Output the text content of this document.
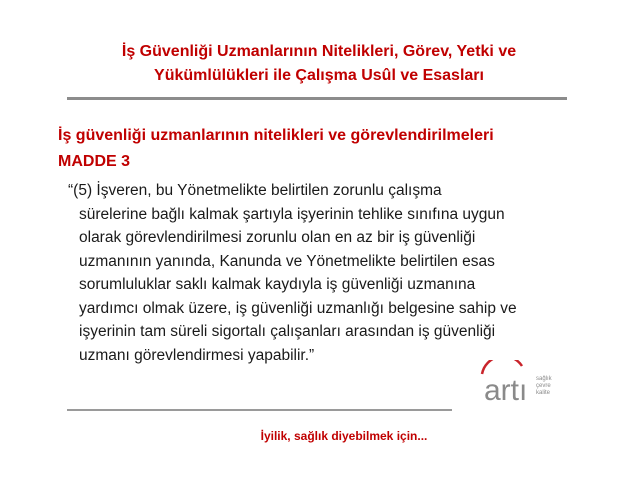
İş Güvenliği Uzmanlarının Nitelikleri, Görev, Yetki ve
Yükümlülükleri ile Çalışma Usûl ve Esasları
İş güvenliği uzmanlarının nitelikleri ve görevlendirilmeleri
MADDE 3
“(5) İşveren, bu Yönetmelikte belirtilen zorunlu çalışma
sürelerine bağlı kalmak şartıyla işyerinin tehlike sınıfına uygun
olarak görevlendirilmesi zorunlu olan en az bir iş güvenliği
uzmanının yanında, Kanunda ve Yönetmelikte belirtilen esas
sorumluluklar saklı kalmak kaydıyla iş güvenliği uzmanına
yardımcı olmak üzere, iş güvenliği uzmanlığı belgesine sahip ve
işyerinin tam süreli sigortalı çalışanları arasından iş güvenliği
uzmanı görevlendirmesi yapabilir.”
artı sağlık
çevre
kalite
İyilik, sağlık diyebilmek için...
